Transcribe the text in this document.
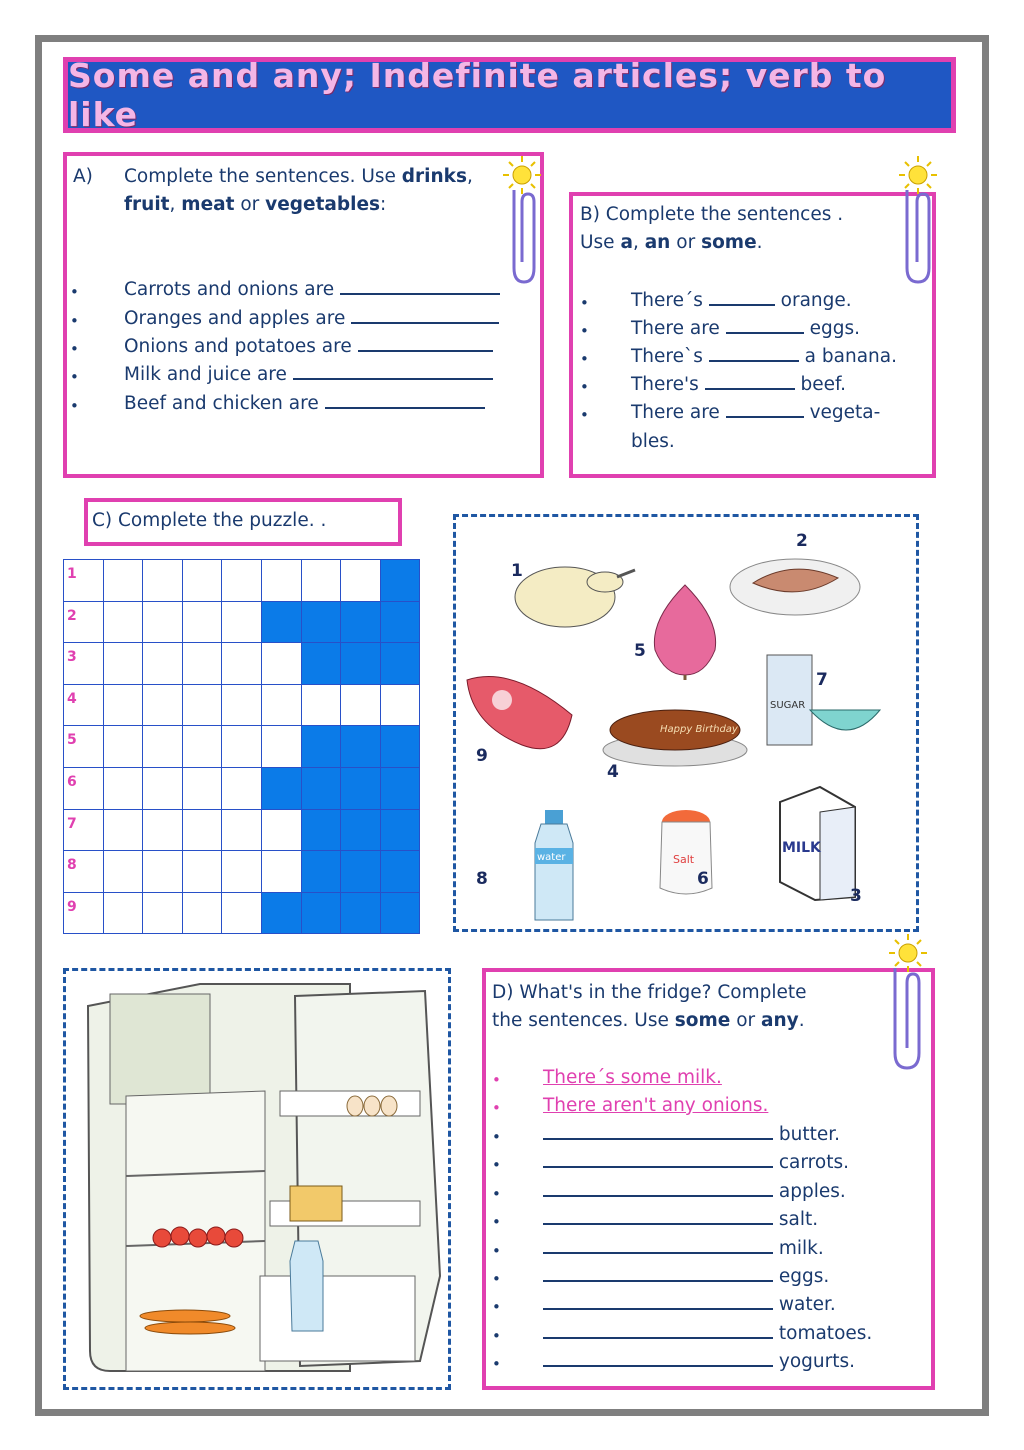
Some and any; Indefinite articles; verb to like
A) Complete the sentences. Use drinks,
fruit, meat or vegetables:
• Carrots and onions are
• Oranges and apples are
• Onions and potatoes are
• Milk and juice are
• Beef and chicken are
B) Complete the sentences .
Use a, an or some.
• There´s	orange.
• There are	eggs.
• There`s	a banana.
• There's	beef.
• There are	vegeta-
bles.
C) Complete the puzzle. .
1								
2								
3								
4								
5								
6								
7								
8								
9								
Happy Birthday
SUGAR
water	Salt
MILK
1
2
3
4
5
6
7
8
9
D) What's in the fridge? Complete
the sentences. Use some or any.
• There´s some milk.
• There aren't any onions.
•	butter.
•	carrots.
•	apples.
•	salt.
•	milk.
•	eggs.
•	water.
•	tomatoes.
•	yogurts.
